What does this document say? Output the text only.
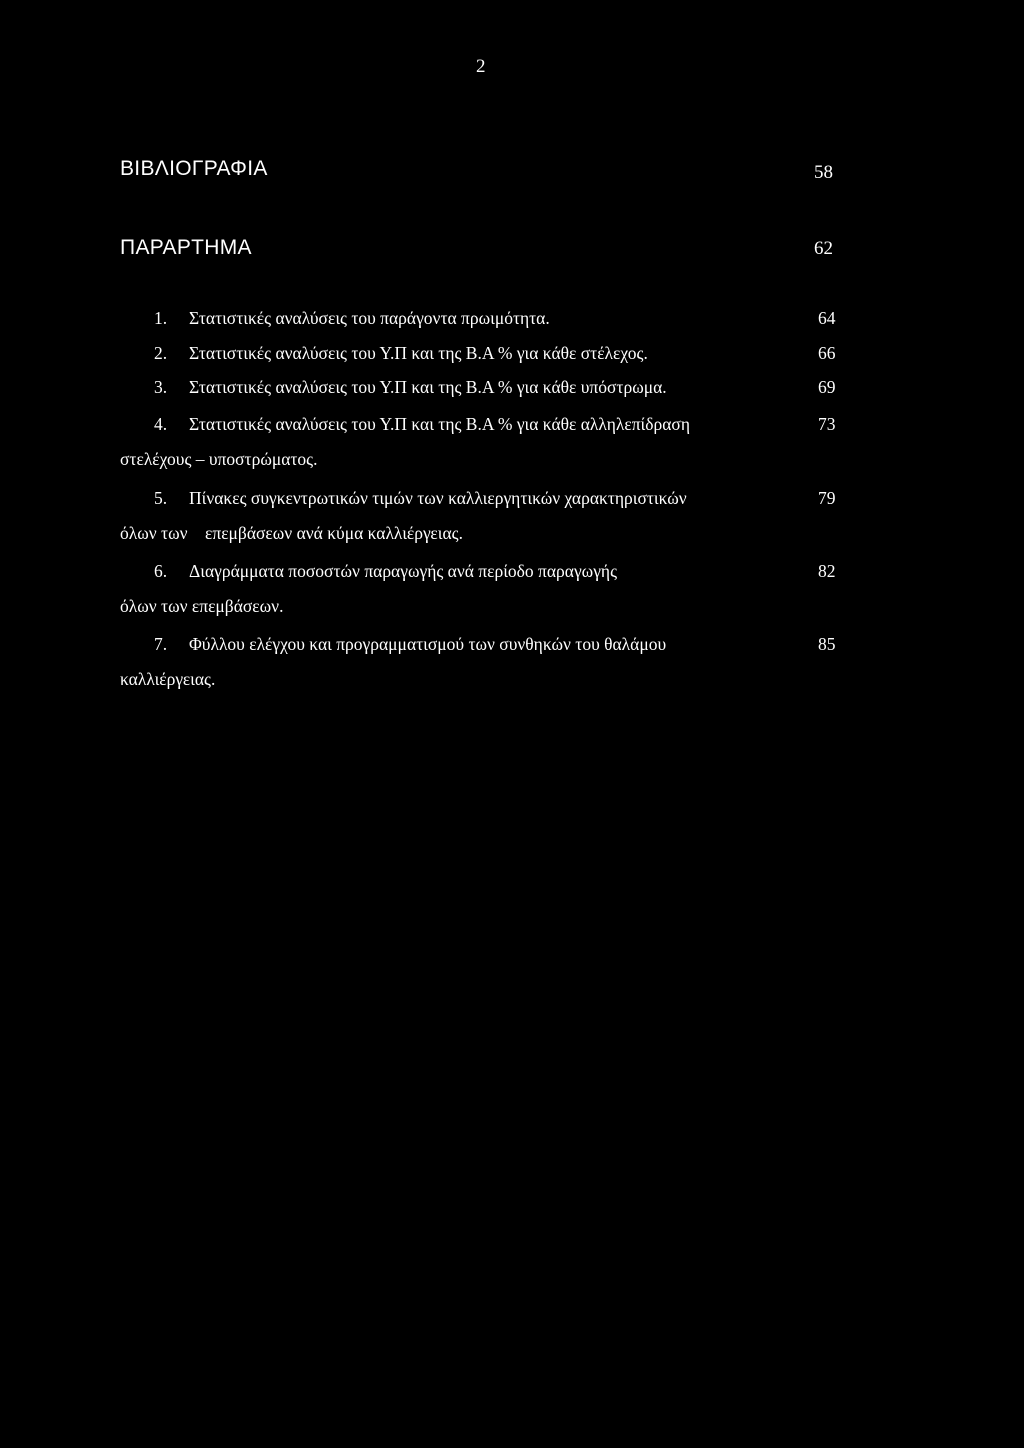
2
ΒΙΒΛΙΟΓΡΑΦΙΑ	58
ΠΑΡΑΡΤΗΜΑ	62
1. Στατιστικές αναλύσεις του παράγοντα πρωιμότητα.	64
2. Στατιστικές αναλύσεις του Υ.Π και της Β.Α % για κάθε στέλεχος.	66
3. Στατιστικές αναλύσεις του Υ.Π και της Β.Α % για κάθε υπόστρωμα.	69
4. Στατιστικές αναλύσεις του Υ.Π και της Β.Α % για κάθε αλληλεπίδραση	73
στελέχους – υποστρώματος.
5. Πίνακες συγκεντρωτικών τιμών των καλλιεργητικών χαρακτηριστικών	79
όλων των    επεμβάσεων ανά κύμα καλλιέργειας.
6. Διαγράμματα ποσοστών παραγωγής ανά περίοδο παραγωγής	82
όλων των επεμβάσεων.
7. Φύλλου ελέγχου και προγραμματισμού των συνθηκών του θαλάμου	85
καλλιέργειας.
